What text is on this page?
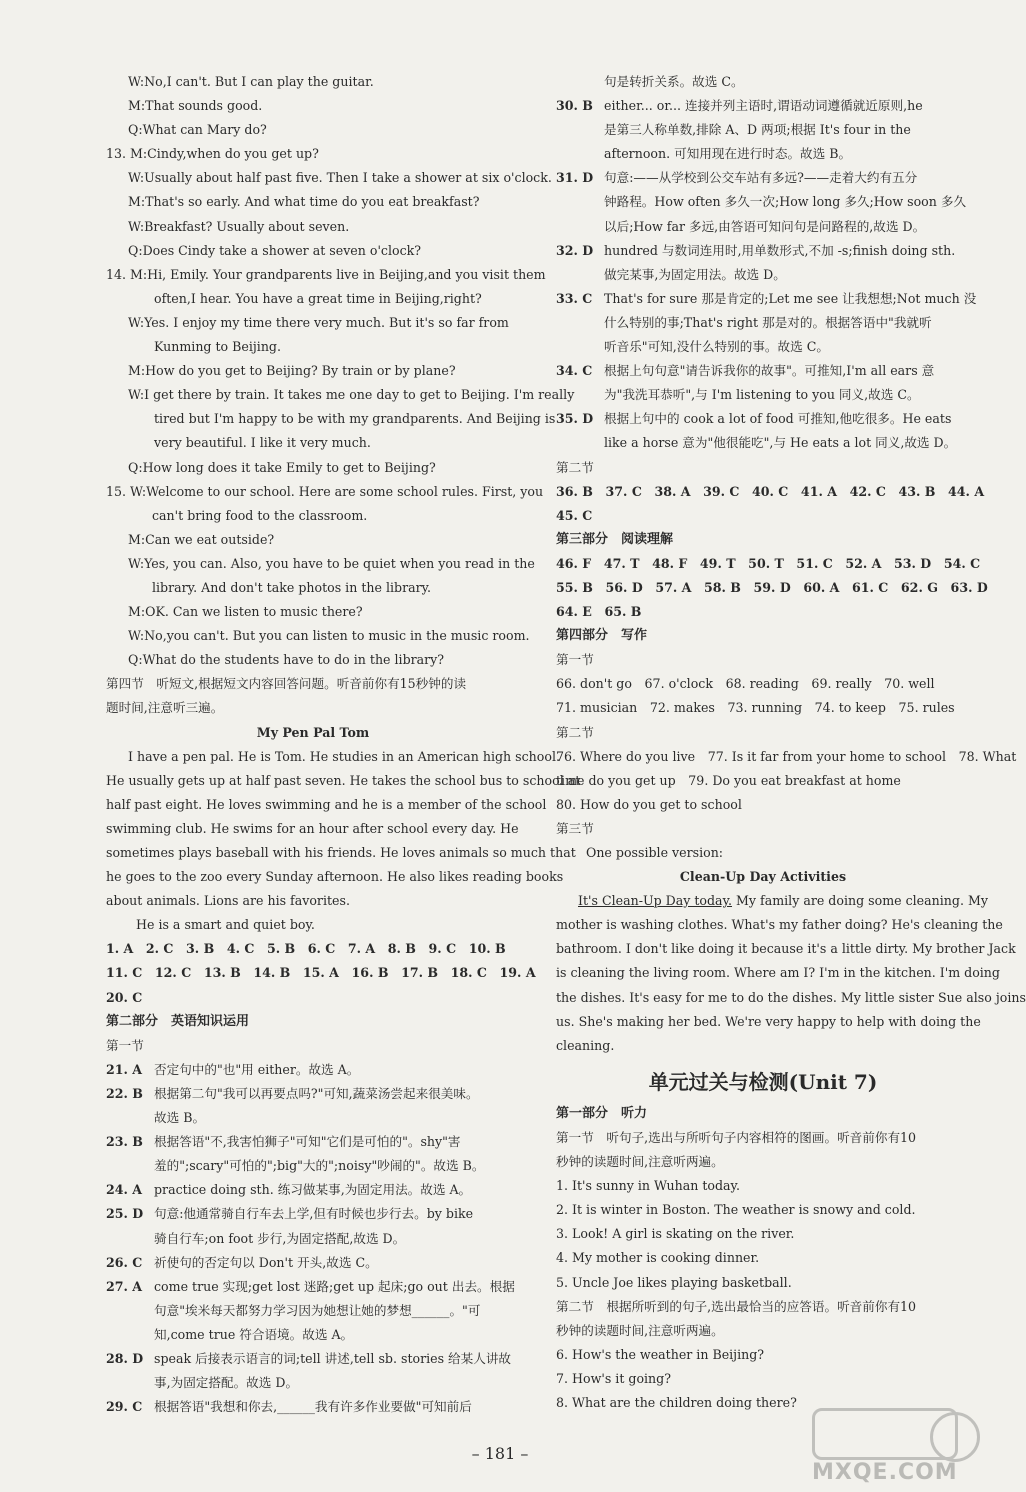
W:No,I can't. But I can play the guitar.
M:That sounds good.
Q:What can Mary do?
13. M:Cindy,when do you get up?
W:Usually about half past five. Then I take a shower at six o'clock.
M:That's so early. And what time do you eat breakfast?
W:Breakfast? Usually about seven.
Q:Does Cindy take a shower at seven o'clock?
14. M:Hi, Emily. Your grandparents live in Beijing,and you visit them
often,I hear. You have a great time in Beijing,right?
W:Yes. I enjoy my time there very much. But it's so far from
Kunming to Beijing.
M:How do you get to Beijing? By train or by plane?
W:I get there by train. It takes me one day to get to Beijing. I'm really
tired but I'm happy to be with my grandparents. And Beijing is
very beautiful. I like it very much.
Q:How long does it take Emily to get to Beijing?
15. W:Welcome to our school. Here are some school rules. First, you
can't bring food to the classroom.
M:Can we eat outside?
W:Yes, you can. Also, you have to be quiet when you read in the
library. And don't take photos in the library.
M:OK. Can we listen to music there?
W:No,you can't. But you can listen to music in the music room.
Q:What do the students have to do in the library?
第四节　听短文,根据短文内容回答问题。听音前你有15秒钟的读
题时间,注意听三遍。
My Pen Pal Tom
I have a pen pal. He is Tom. He studies in an American high school.
He usually gets up at half past seven. He takes the school bus to school at
half past eight. He loves swimming and he is a member of the school
swimming club. He swims for an hour after school every day. He
sometimes plays baseball with his friends. He loves animals so much that
he goes to the zoo every Sunday afternoon. He also likes reading books
about animals. Lions are his favorites.
He is a smart and quiet boy.
1. A　2. C　3. B　4. C　5. B　6. C　7. A　8. B　9. C　10. B
11. C　12. C　13. B　14. B　15. A　16. B　17. B　18. C　19. A
20. C
第二部分　英语知识运用
第一节
21. A 否定句中的"也"用 either。故选 A。
22. B 根据第二句"我可以再要点吗?"可知,蔬菜汤尝起来很美味。
故选 B。
23. B 根据答语"不,我害怕狮子"可知"它们是可怕的"。shy"害
羞的";scary"可怕的";big"大的";noisy"吵闹的"。故选 B。
24. A practice doing sth. 练习做某事,为固定用法。故选 A。
25. D 句意:他通常骑自行车去上学,但有时候也步行去。by bike
骑自行车;on foot 步行,为固定搭配,故选 D。
26. C 祈使句的否定句以 Don't 开头,故选 C。
27. A come true 实现;get lost 迷路;get up 起床;go out 出去。根据
句意"埃米每天都努力学习因为她想让她的梦想______。"可
知,come true 符合语境。故选 A。
28. D speak 后接表示语言的词;tell 讲述,tell sb. stories 给某人讲故
事,为固定搭配。故选 D。
29. C 根据答语"我想和你去,______我有许多作业要做"可知前后
句是转折关系。故选 C。
30. B either... or... 连接并列主语时,谓语动词遵循就近原则,he
是第三人称单数,排除 A、D 两项;根据 It's four in the
afternoon. 可知用现在进行时态。故选 B。
31. D 句意:——从学校到公交车站有多远?——走着大约有五分
钟路程。How often 多久一次;How long 多久;How soon 多久
以后;How far 多远,由答语可知问句是问路程的,故选 D。
32. D hundred 与数词连用时,用单数形式,不加 -s;finish doing sth.
做完某事,为固定用法。故选 D。
33. C That's for sure 那是肯定的;Let me see 让我想想;Not much 没
什么特别的事;That's right 那是对的。根据答语中"我就听
听音乐"可知,没什么特别的事。故选 C。
34. C 根据上句句意"请告诉我你的故事"。可推知,I'm all ears 意
为"我洗耳恭听",与 I'm listening to you 同义,故选 C。
35. D 根据上句中的 cook a lot of food 可推知,他吃很多。He eats
like a horse 意为"他很能吃",与 He eats a lot 同义,故选 D。
第二节
36. B　37. C　38. A　39. C　40. C　41. A　42. C　43. B　44. A
45. C
第三部分　阅读理解
46. F　47. T　48. F　49. T　50. T　51. C　52. A　53. D　54. C
55. B　56. D　57. A　58. B　59. D　60. A　61. C　62. G　63. D
64. E　65. B
第四部分　写作
第一节
66. don't go　67. o'clock　68. reading　69. really　70. well
71. musician　72. makes　73. running　74. to keep　75. rules
第二节
76. Where do you live　77. Is it far from your home to school　78. What
time do you get up　79. Do you eat breakfast at home
80. How do you get to school
第三节
One possible version:
Clean-Up Day Activities
It's Clean-Up Day today. My family are doing some cleaning. My
mother is washing clothes. What's my father doing? He's cleaning the
bathroom. I don't like doing it because it's a little dirty. My brother Jack
is cleaning the living room. Where am I? I'm in the kitchen. I'm doing
the dishes. It's easy for me to do the dishes. My little sister Sue also joins
us. She's making her bed. We're very happy to help with doing the
cleaning.
单元过关与检测(Unit 7)
第一部分　听力
第一节　听句子,选出与所听句子内容相符的图画。听音前你有10
秒钟的读题时间,注意听两遍。
1. It's sunny in Wuhan today.
2. It is winter in Boston. The weather is snowy and cold.
3. Look! A girl is skating on the river.
4. My mother is cooking dinner.
5. Uncle Joe likes playing basketball.
第二节　根据所听到的句子,选出最恰当的应答语。听音前你有10
秒钟的读题时间,注意听两遍。
6. How's the weather in Beijing?
7. How's it going?
8. What are the children doing there?
– 181 –
MXQE.COM
